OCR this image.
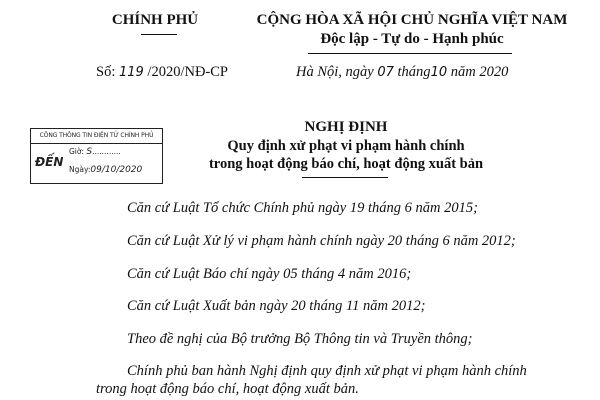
CHÍNH PHỦ	CỘNG HÒA XÃ HỘI CHỦ NGHĨA VIỆT NAM
Độc lập - Tự do - Hạnh phúc
Số: 119 /2020/NĐ-CP	Hà Nội, ngày 07 tháng10 năm 2020
NGHỊ ĐỊNH
Quy định xử phạt vi phạm hành chính
trong hoạt động báo chí, hoạt động xuất bản
CÔNG THÔNG TIN ĐIỆN TỬ CHÍNH PHỦ
ĐẾN
Giờ: S............
Ngày:09/10/2020
Căn cứ Luật Tổ chức Chính phủ ngày 19 tháng 6 năm 2015;
Căn cứ Luật Xử lý vi phạm hành chính ngày 20 tháng 6 năm 2012;
Căn cứ Luật Báo chí ngày 05 tháng 4 năm 2016;
Căn cứ Luật Xuất bản ngày 20 tháng 11 năm 2012;
Theo đề nghị của Bộ trưởng Bộ Thông tin và Truyền thông;
Chính phủ ban hành Nghị định quy định xử phạt vi phạm hành chính
trong hoạt động báo chí, hoạt động xuất bản.
